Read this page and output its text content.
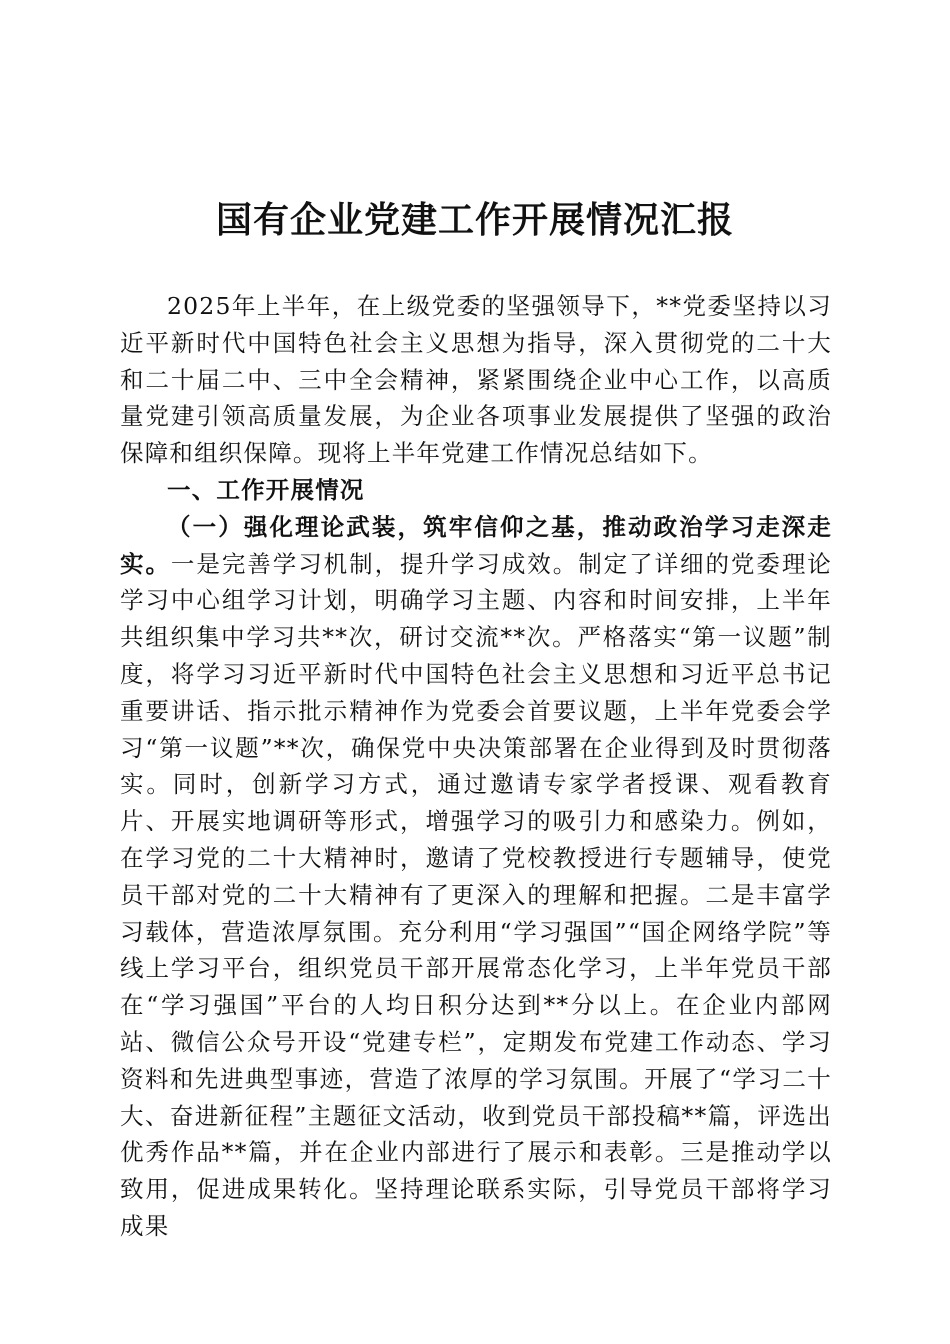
国有企业党建工作开展情况汇报

2025年上半年，在上级党委的坚强领导下，**党委坚持以习近平新时代中国特色社会主义思想为指导，深入贯彻党的二十大和二十届二中、三中全会精神，紧紧围绕企业中心工作，以高质量党建引领高质量发展，为企业各项事业发展提供了坚强的政治保障和组织保障。现将上半年党建工作情况总结如下。

一、工作开展情况

（一）强化理论武装，筑牢信仰之基，推动政治学习走深走实。一是完善学习机制，提升学习成效。制定了详细的党委理论学习中心组学习计划，明确学习主题、内容和时间安排，上半年共组织集中学习共**次，研讨交流**次。严格落实“第一议题”制度，将学习习近平新时代中国特色社会主义思想和习近平总书记重要讲话、指示批示精神作为党委会首要议题，上半年党委会学习“第一议题”**次，确保党中央决策部署在企业得到及时贯彻落实。同时，创新学习方式，通过邀请专家学者授课、观看教育片、开展实地调研等形式，增强学习的吸引力和感染力。例如，在学习党的二十大精神时，邀请了党校教授进行专题辅导，使党员干部对党的二十大精神有了更深入的理解和把握。二是丰富学习载体，营造浓厚氛围。充分利用“学习强国”“国企网络学院”等线上学习平台，组织党员干部开展常态化学习，上半年党员干部在“学习强国”平台的人均日积分达到**分以上。在企业内部网站、微信公众号开设“党建专栏”，定期发布党建工作动态、学习资料和先进典型事迹，营造了浓厚的学习氛围。开展了“学习二十大、奋进新征程”主题征文活动，收到党员干部投稿**篇，评选出优秀作品**篇，并在企业内部进行了展示和表彰。三是推动学以致用，促进成果转化。坚持理论联系实际，引导党员干部将学习成果
